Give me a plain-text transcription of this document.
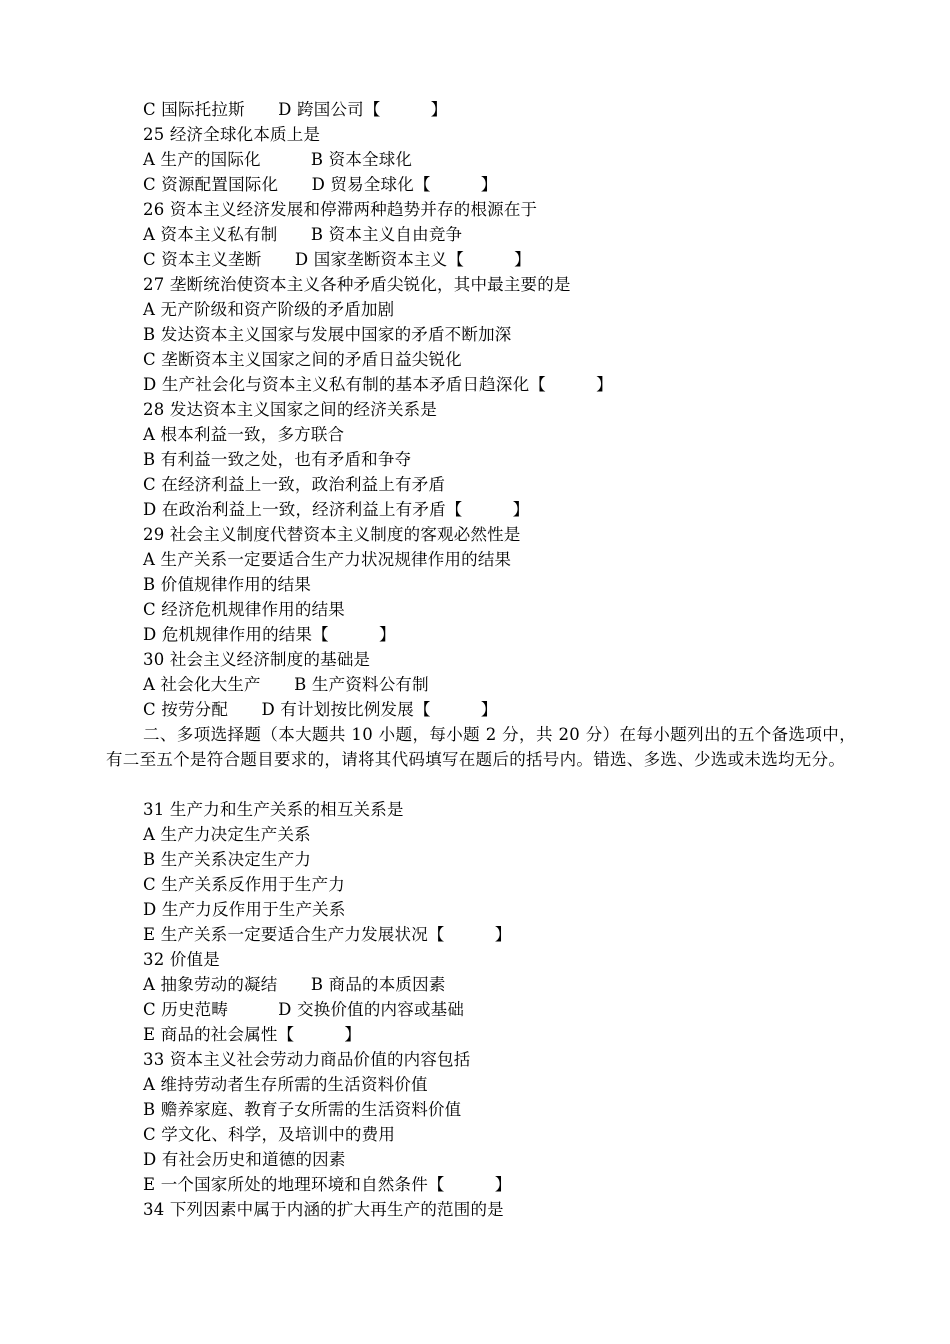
C 国际托拉斯　　D 跨国公司【　　　】
25 经济全球化本质上是
A 生产的国际化　　　B 资本全球化
C 资源配置国际化　　D 贸易全球化【　　　】
26 资本主义经济发展和停滞两种趋势并存的根源在于
A 资本主义私有制　　B 资本主义自由竞争
C 资本主义垄断　　D 国家垄断资本主义【　　　】
27 垄断统治使资本主义各种矛盾尖锐化，其中最主要的是
A 无产阶级和资产阶级的矛盾加剧
B 发达资本主义国家与发展中国家的矛盾不断加深
C 垄断资本主义国家之间的矛盾日益尖锐化
D 生产社会化与资本主义私有制的基本矛盾日趋深化【　　　】
28 发达资本主义国家之间的经济关系是
A 根本利益一致，多方联合
B 有利益一致之处，也有矛盾和争夺
C 在经济利益上一致，政治利益上有矛盾
D 在政治利益上一致，经济利益上有矛盾【　　　】
29 社会主义制度代替资本主义制度的客观必然性是
A 生产关系一定要适合生产力状况规律作用的结果
B 价值规律作用的结果
C 经济危机规律作用的结果
D 危机规律作用的结果【　　　】
30 社会主义经济制度的基础是
A 社会化大生产　　B 生产资料公有制
C 按劳分配　　D 有计划按比例发展【　　　】
二、多项选择题（本大题共 10 小题，每小题 2 分，共 20 分）在每小题列出的五个备选项中，有二至五个是符合题目要求的，请将其代码填写在题后的括号内。错选、多选、少选或未选均无分。
31 生产力和生产关系的相互关系是
A 生产力决定生产关系
B 生产关系决定生产力
C 生产关系反作用于生产力
D 生产力反作用于生产关系
E 生产关系一定要适合生产力发展状况【　　　】
32 价值是
A 抽象劳动的凝结　　B 商品的本质因素
C 历史范畴　　　D 交换价值的内容或基础
E 商品的社会属性【　　　】
33 资本主义社会劳动力商品价值的内容包括
A 维持劳动者生存所需的生活资料价值
B 赡养家庭、教育子女所需的生活资料价值
C 学文化、科学，及培训中的费用
D 有社会历史和道德的因素
E 一个国家所处的地理环境和自然条件【　　　】
34 下列因素中属于内涵的扩大再生产的范围的是
